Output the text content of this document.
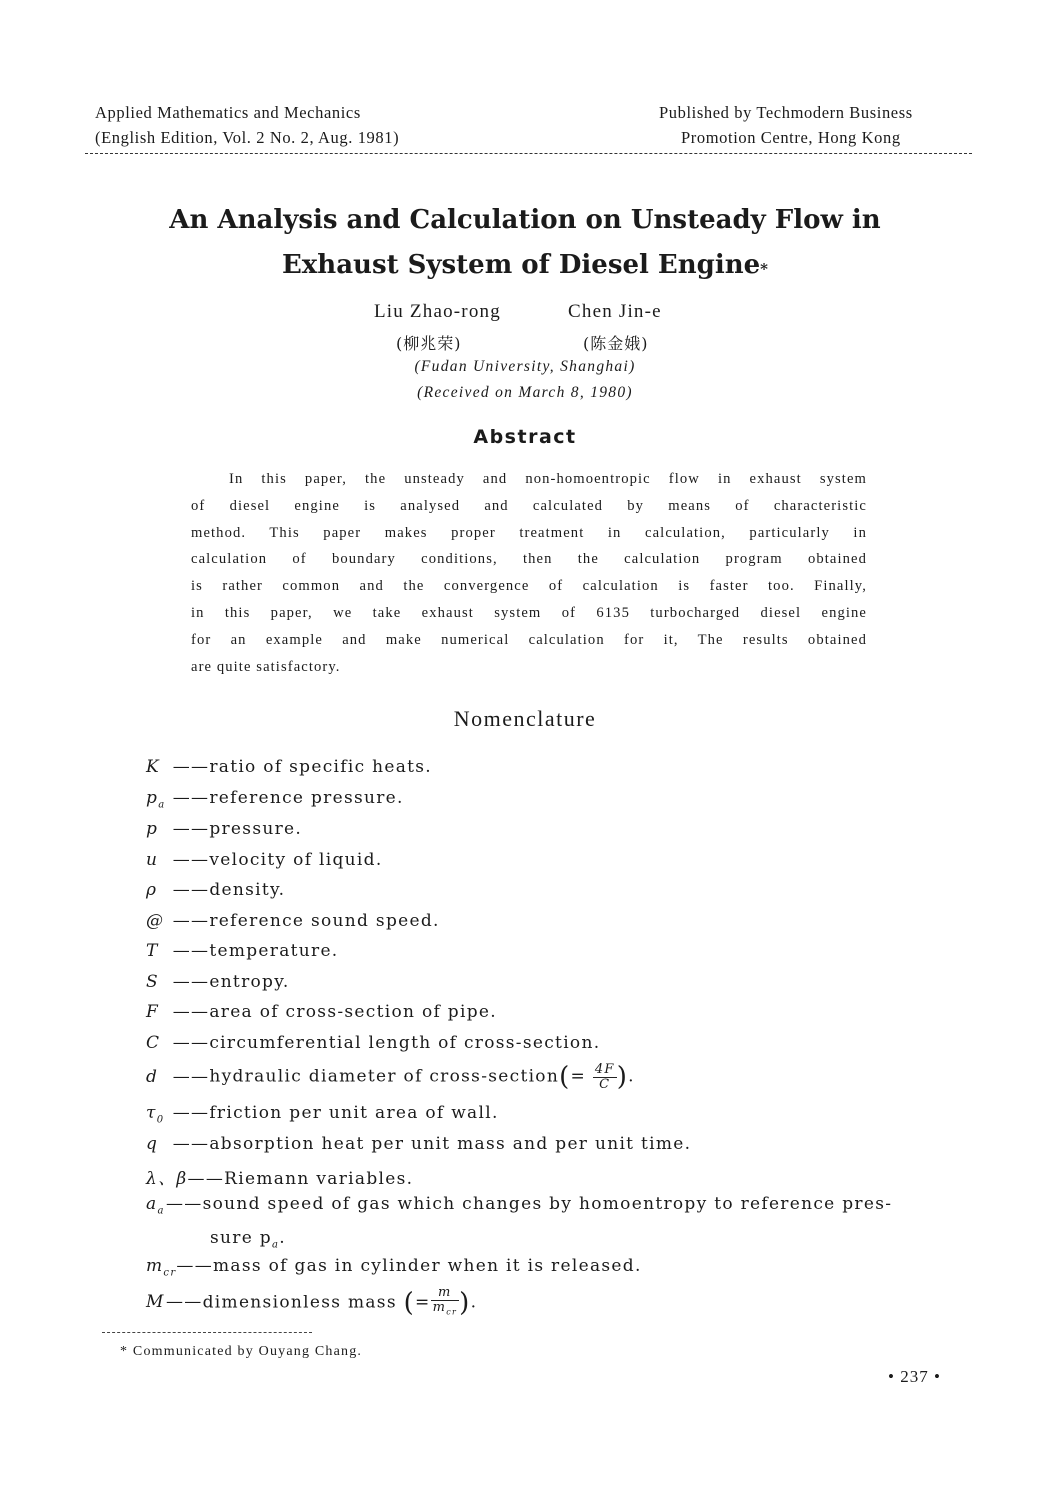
Applied Mathematics and Mechanics
(English Edition, Vol. 2 No. 2, Aug. 1981)
Published by Techmodern Business
Promotion Centre, Hong Kong
An Analysis and Calculation on Unsteady Flow in
Exhaust System of Diesel Engine*
Liu Zhao-rong	Chen Jin-e
(柳兆荣)	(陈金娥)
(Fudan University, Shanghai)
(Received on March 8, 1980)
Abstract
In this paper, the unsteady and non-homoentropic flow in exhaust system
of diesel engine is analysed and calculated by means of characteristic
method. This paper makes proper treatment in calculation, particularly in
calculation of boundary conditions, then the calculation program obtained
is rather common and the convergence of calculation is faster too. Finally,
in this paper, we take exhaust system of 6135 turbocharged diesel engine
for an example and make numerical calculation for it, The results obtained
are quite satisfactory.
Nomenclature
K ——ratio of specific heats.
$p_a$ ——reference pressure.
p ——pressure.
u ——velocity of liquid.
ρ ——density.
@ ——reference sound speed.
T ——temperature.
S ——entropy.
F ——area of cross-section of pipe.
C ——circumferential length of cross-section.
d ——hydraulic diameter of cross-section(= $\frac{4F}{C}$ ).
$\tau_0$ ——friction per unit area of wall.
q ——absorption heat per unit mass and per unit time.
λ、β——Riemann variables.
$a_a——sound$ speed of gas which changes by homoentropy to reference pres-
sure $p_a$.
$m_{cr}——mass$ of gas in cylinder when it is released.
M——dimensionless mass (= $\frac{m}{m_{cr}}$ ).
* Communicated by Ouyang Chang.
• 237 •
